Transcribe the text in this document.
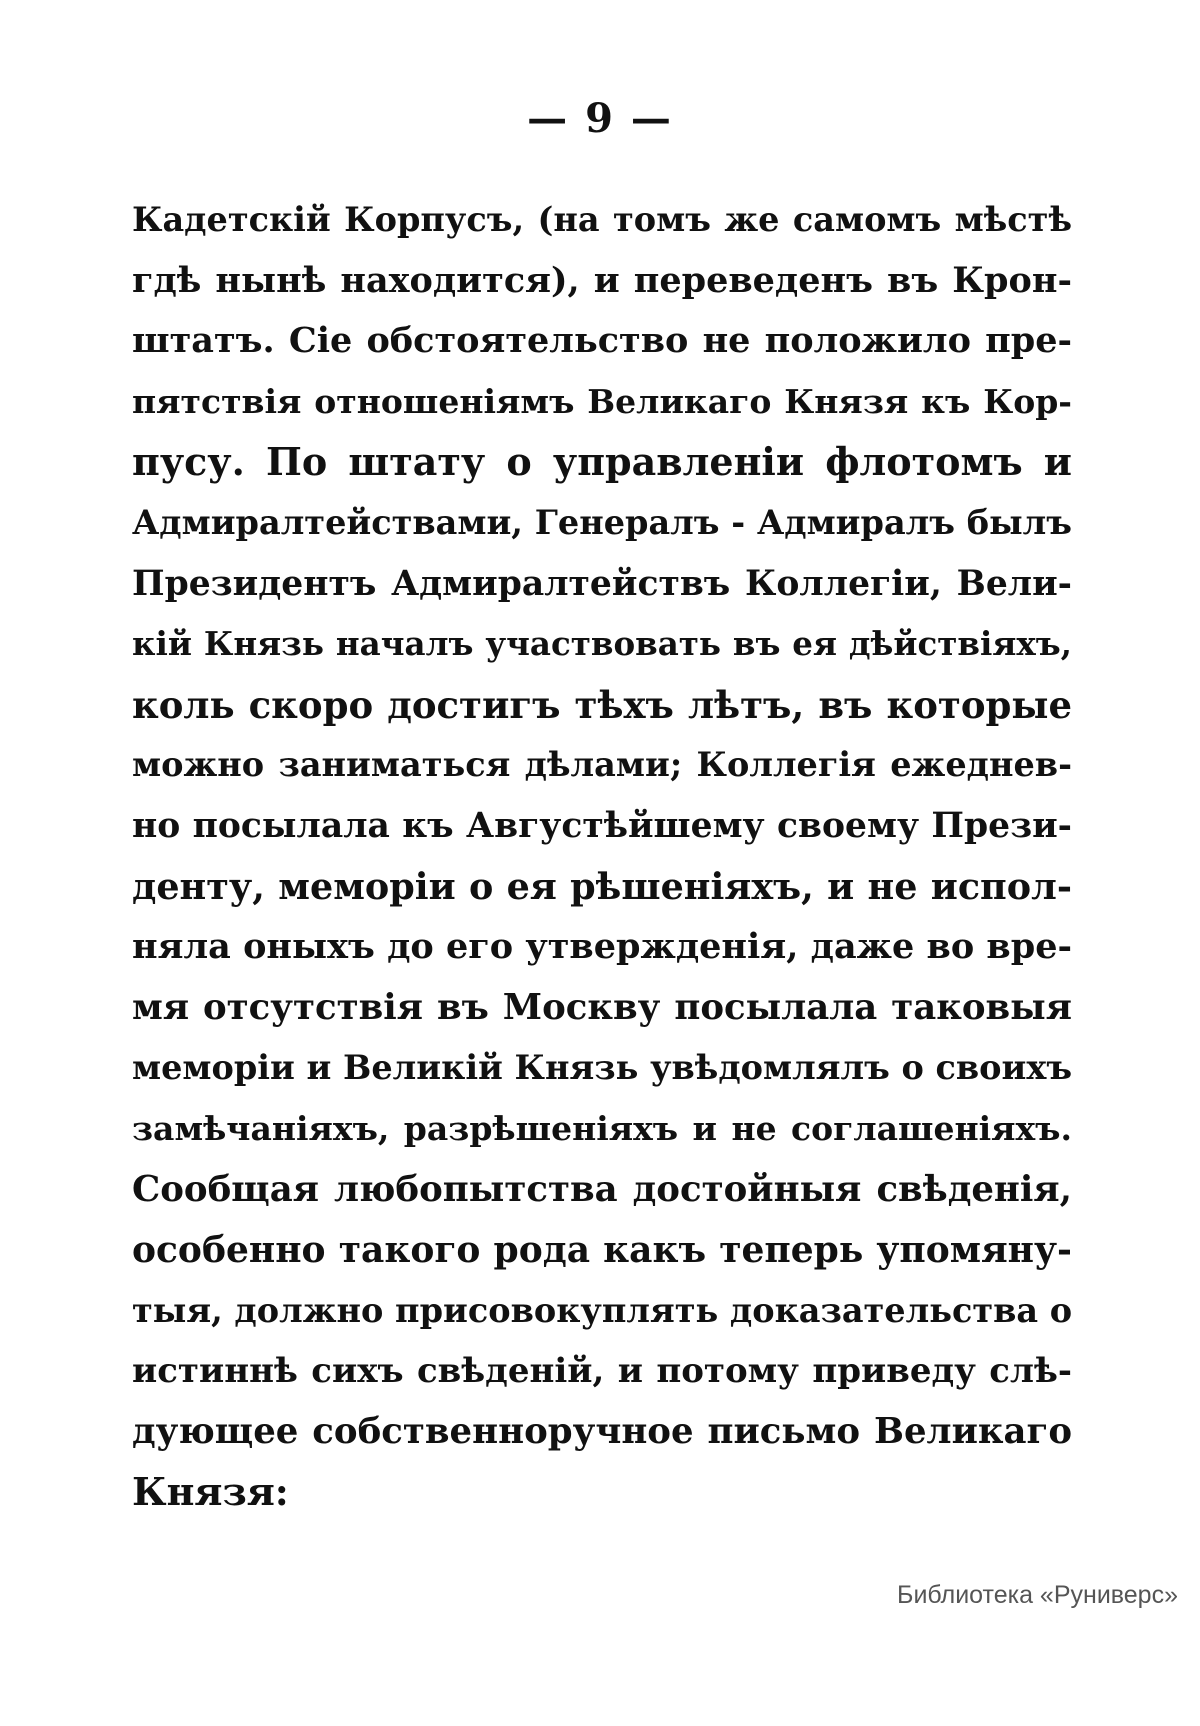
— 9 —

Кадетскій Корпусъ, (на томъ же самомъ мѣстѣ
гдѣ нынѣ находится), и переведенъ въ Крон-
штатъ. Сіе обстоятельство не положило пре-
пятствія отношеніямъ Великаго Князя къ Кор-
пусу. По штату о управленіи флотомъ и
Адмиралтействами, Генералъ - Адмиралъ былъ
Президентъ Адмиралтействъ Коллегіи, Вели-
кій Князь началъ участвовать въ ея дѣйствіяхъ,
коль скоро достигъ тѣхъ лѣтъ, въ которые
можно заниматься дѣлами; Коллегія ежеднев-
но посылала къ Августѣйшему своему Прези-
денту, меморіи о ея рѣшеніяхъ, и не испол-
няла оныхъ до его утвержденія, даже во вре-
мя отсутствія въ Москву посылала таковыя
меморіи и Великій Князь увѣдомлялъ о своихъ
замѣчаніяхъ, разрѣшеніяхъ и не соглашеніяхъ.
Сообщая любопытства достойныя свѣденія,
особенно такого рода какъ теперь упомяну-
тыя, должно присовокуплять доказательства о
истиннѣ сихъ свѣденій, и потому приведу слѣ-
дующее собственноручное письмо Великаго
Князя:

Библиотека «Руниверс»
